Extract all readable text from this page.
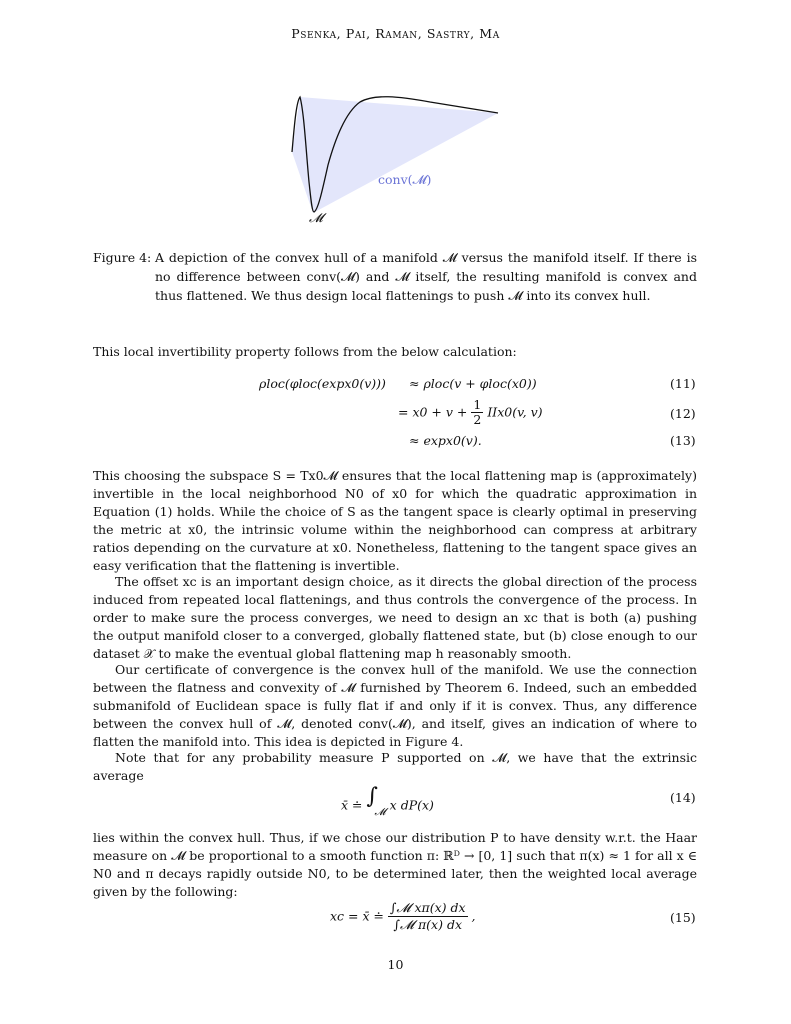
Psenka, Pai, Raman, Sastry, Ma
conv(𝓜)
𝓜
Figure 4: A depiction of the convex hull of a manifold 𝓜 versus the manifold itself. If there is no difference between conv(𝓜) and 𝓜 itself, the resulting manifold is convex and thus flattened. We thus design local flattenings to push 𝓜 into its convex hull.
This local invertibility property follows from the below calculation:
ρloc(φloc(expx0(v))) ≈ ρloc(v + φloc(x0))	(11)
= $x0 + v + \frac{1}{2} IIx0(v$, v)	(12)
≈ expx0(v).	(13)
This choosing the subspace S = Tx0𝓜 ensures that the local flattening map is (approximately) invertible in the local neighborhood N0 of x0 for which the quadratic approximation in Equation (1) holds. While the choice of S as the tangent space is clearly optimal in preserving the metric at x0, the intrinsic volume within the neighborhood can compress at arbitrary ratios depending on the curvature at x0. Nonetheless, flattening to the tangent space gives an easy verification that the flattening is invertible.
The offset xc is an important design choice, as it directs the global direction of the process induced from repeated local flattenings, and thus controls the convergence of the process. In order to make sure the process converges, we need to design an xc that is both (a) pushing the output manifold closer to a converged, globally flattened state, but (b) close enough to our dataset 𝒳 to make the eventual global flattening map h reasonably smooth.
Our certificate of convergence is the convex hull of the manifold. We use the connection between the flatness and convexity of 𝓜 furnished by Theorem 6. Indeed, such an embedded submanifold of Euclidean space is fully flat if and only if it is convex. Thus, any difference between the convex hull of 𝓜, denoted conv(𝓜), and itself, gives an indication of where to flatten the manifold into. This idea is depicted in Figure 4.
Note that for any probability measure P supported on 𝓜, we have that the extrinsic average
x̄ ≐ ∫
𝓜 x dP(x)	(14)
lies within the convex hull. Thus, if we chose our distribution P to have density w.r.t. the Haar measure on 𝓜 be proportional to a smooth function π: ℝᴰ → [0, 1] such that π(x) ≈ 1 for all x ∈ N0 and π decays rapidly outside N0, to be determined later, then the weighted local average given by the following:
xc = x̄ ≐ $\frac{\text{∫𝓜 xπ(x) dx}}{\text{∫𝓜 π(x) dx}}$ ,	(15)
10
